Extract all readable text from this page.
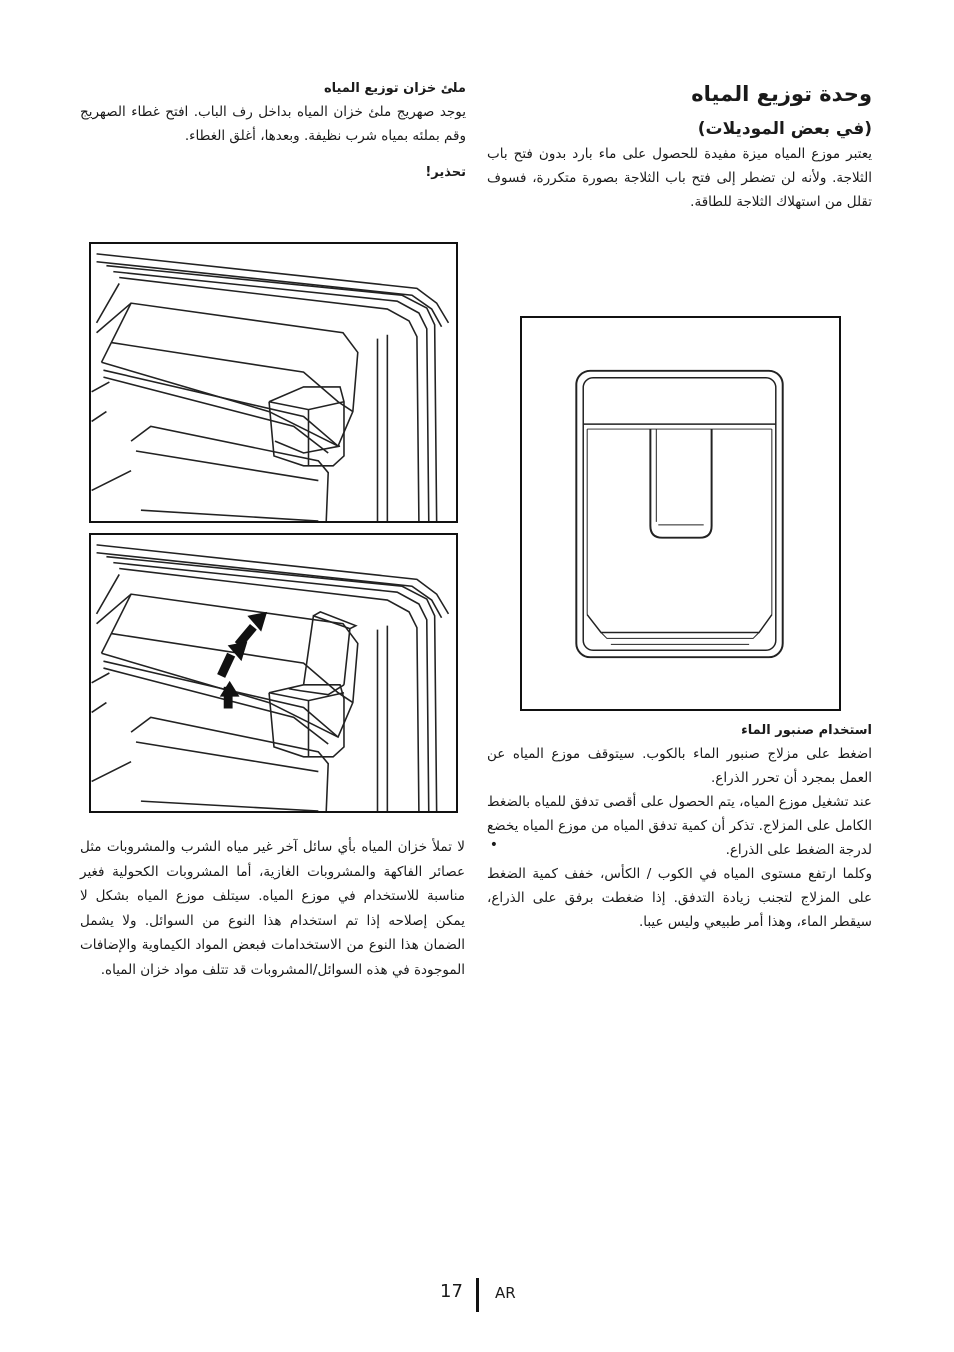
وحدة توزيع المياه
(في بعض الموديلات)

يعتبر موزع المياه ميزة مفيدة للحصول على ماء بارد بدون فتح باب الثلاجة. ولأنه لن تضطر إلى فتح باب الثلاجة بصورة متكررة، فسوف تقلل من استهلاك الثلاجة للطاقة.

استخدام صنبور الماء

اضغط على مزلاج صنبور الماء بالكوب. سيتوقف موزع المياه عن العمل بمجرد أن تحرر الذراع.

عند تشغيل موزع المياه، يتم الحصول على أقصى تدفق للمياه بالضغط الكامل على المزلاج. تذكر أن كمية تدفق المياه من موزع المياه يخضع لدرجة الضغط على الذراع.

وكلما ارتفع مستوى المياه في الكوب / الكأس، خفف كمية الضغط على المزلاج لتجنب زيادة التدفق. إذا ضغطت برفق على الذراع، سيقطر الماء، وهذا أمر طبيعي وليس عيبا.

ملئ خزان توزيع المياه

يوجد صهريج ملئ خزان المياه بداخل رف الباب. افتح غطاء الصهريج وقم بملئه بمياه شرب نظيفة. وبعدها، أغلق الغطاء.

تحذير!
•

لا تملأ خزان المياه بأي سائل آخر غير مياه الشرب والمشروبات مثل عصائر الفاكهة والمشروبات الغازية، أما المشروبات الكحولية فغير مناسبة للاستخدام في موزع المياه. سيتلف موزع المياه بشكل لا يمكن إصلاحه إذا تم استخدام هذا النوع من السوائل. ولا يشمل الضمان هذا النوع من الاستخدامات فبعض المواد الكيماوية والإضافات الموجودة في هذه السوائل/المشروبات قد تتلف مواد خزان المياه.

17 AR
